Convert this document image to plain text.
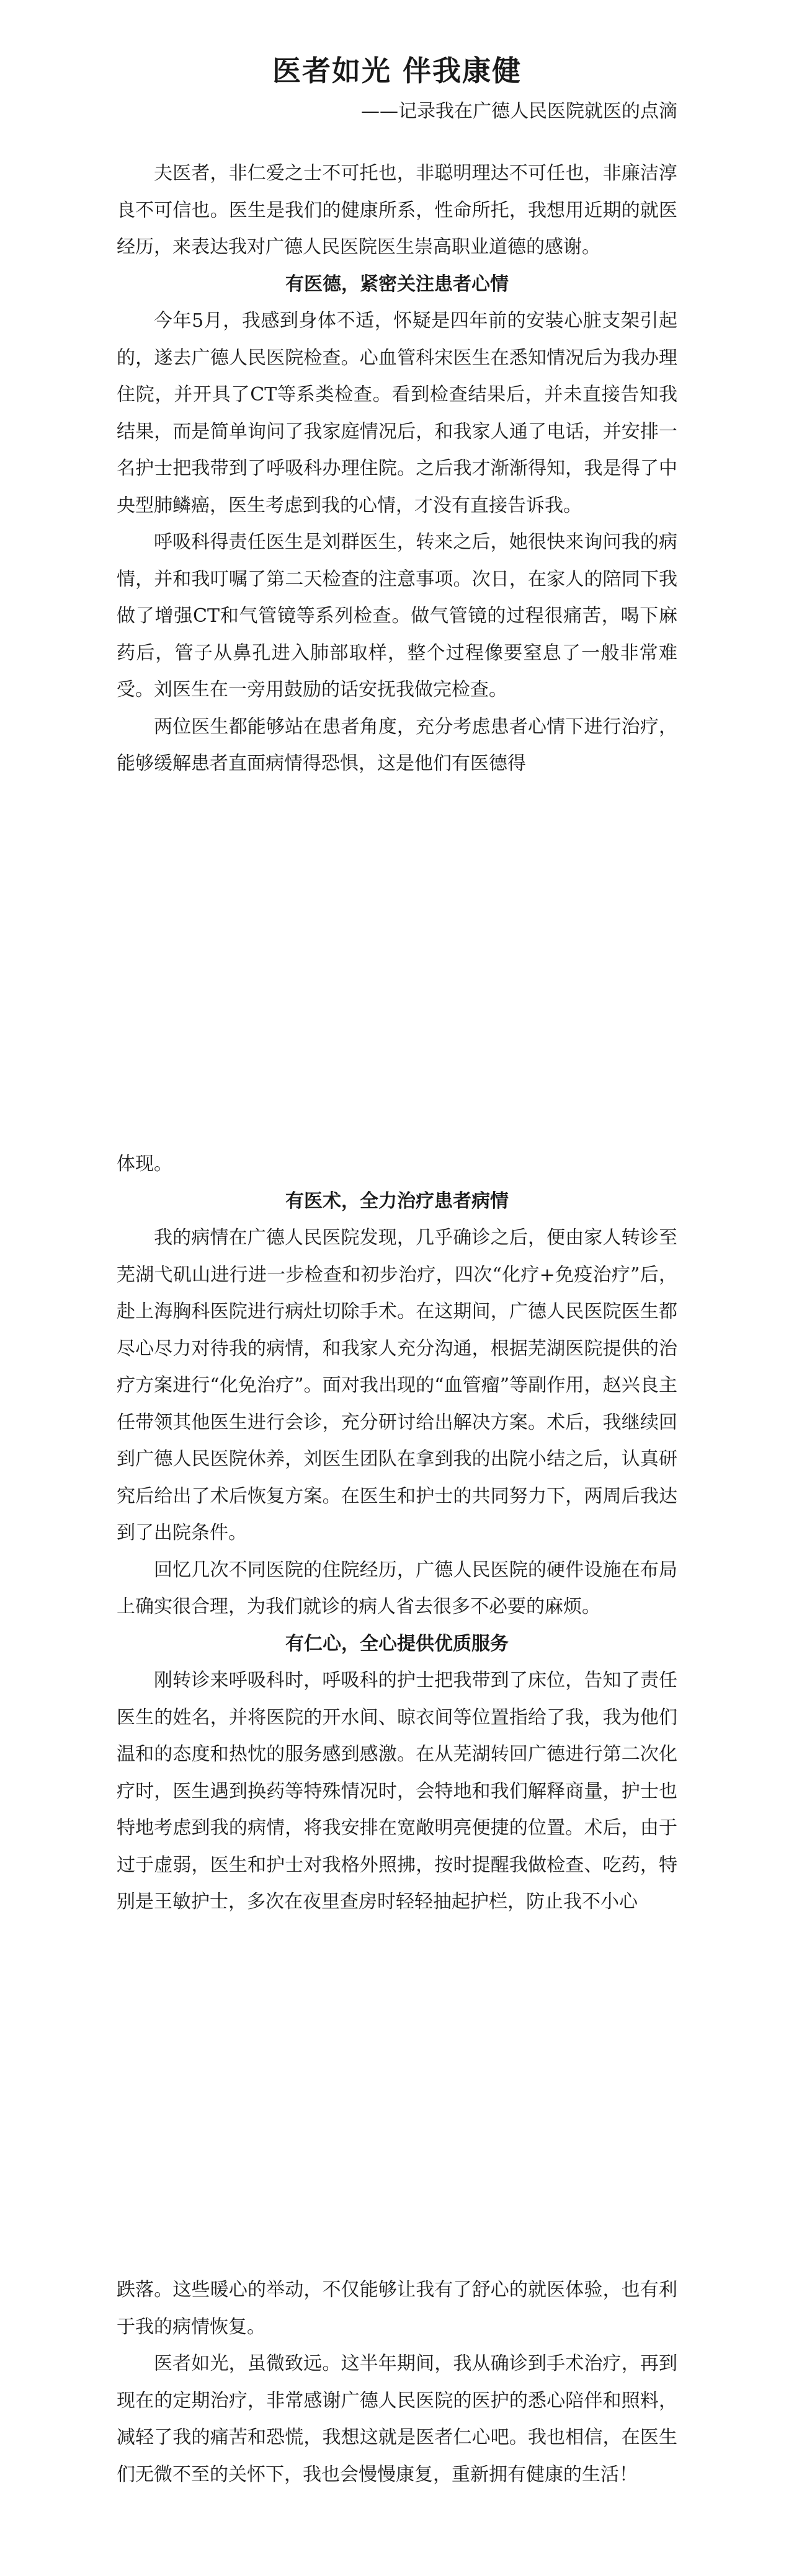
医者如光 伴我康健

——记录我在广德人民医院就医的点滴

夫医者，非仁爱之士不可托也，非聪明理达不可任也，非廉洁淳良不可信也。医生是我们的健康所系，性命所托，我想用近期的就医经历，来表达我对广德人民医院医生崇高职业道德的感谢。

有医德，紧密关注患者心情

今年5月，我感到身体不适，怀疑是四年前的安装心脏支架引起的，遂去广德人民医院检查。心血管科宋医生在悉知情况后为我办理住院，并开具了CT等系类检查。看到检查结果后，并未直接告知我结果，而是简单询问了我家庭情况后，和我家人通了电话，并安排一名护士把我带到了呼吸科办理住院。之后我才渐渐得知，我是得了中央型肺鳞癌，医生考虑到我的心情，才没有直接告诉我。

呼吸科得责任医生是刘群医生，转来之后，她很快来询问我的病情，并和我叮嘱了第二天检查的注意事项。次日，在家人的陪同下我做了增强CT和气管镜等系列检查。做气管镜的过程很痛苦，喝下麻药后，管子从鼻孔进入肺部取样，整个过程像要窒息了一般非常难受。刘医生在一旁用鼓励的话安抚我做完检查。

两位医生都能够站在患者角度，充分考虑患者心情下进行治疗，能够缓解患者直面病情得恐惧，这是他们有医德得

体现。

有医术，全力治疗患者病情

我的病情在广德人民医院发现，几乎确诊之后，便由家人转诊至芜湖弋矶山进行进一步检查和初步治疗，四次“化疗+免疫治疗”后，赴上海胸科医院进行病灶切除手术。在这期间，广德人民医院医生都尽心尽力对待我的病情，和我家人充分沟通，根据芜湖医院提供的治疗方案进行“化免治疗”。面对我出现的“血管瘤”等副作用，赵兴良主任带领其他医生进行会诊，充分研讨给出解决方案。术后，我继续回到广德人民医院休养，刘医生团队在拿到我的出院小结之后，认真研究后给出了术后恢复方案。在医生和护士的共同努力下，两周后我达到了出院条件。

回忆几次不同医院的住院经历，广德人民医院的硬件设施在布局上确实很合理，为我们就诊的病人省去很多不必要的麻烦。

有仁心，全心提供优质服务

刚转诊来呼吸科时，呼吸科的护士把我带到了床位，告知了责任医生的姓名，并将医院的开水间、晾衣间等位置指给了我，我为他们温和的态度和热忱的服务感到感激。在从芜湖转回广德进行第二次化疗时，医生遇到换药等特殊情况时，会特地和我们解释商量，护士也特地考虑到我的病情，将我安排在宽敞明亮便捷的位置。术后，由于过于虚弱，医生和护士对我格外照拂，按时提醒我做检查、吃药，特别是王敏护士，多次在夜里查房时轻轻抽起护栏，防止我不小心

跌落。这些暖心的举动，不仅能够让我有了舒心的就医体验，也有利于我的病情恢复。

医者如光，虽微致远。这半年期间，我从确诊到手术治疗，再到现在的定期治疗，非常感谢广德人民医院的医护的悉心陪伴和照料，减轻了我的痛苦和恐慌，我想这就是医者仁心吧。我也相信，在医生们无微不至的关怀下，我也会慢慢康复，重新拥有健康的生活！
